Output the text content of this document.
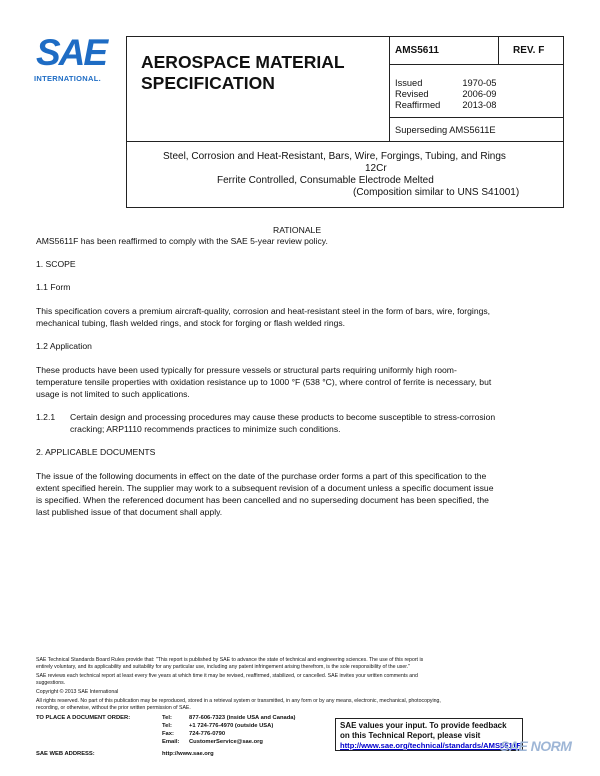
SAE
INTERNATIONAL.
AEROSPACE MATERIAL
SPECIFICATION
AMS5611	REV. F
Issued	1970-05
Revised	2006-09
Reaffirmed	2013-08
Superseding AMS5611E
Steel, Corrosion and Heat-Resistant, Bars, Wire, Forgings, Tubing, and Rings
12Cr
Ferrite Controlled, Consumable Electrode Melted
(Composition similar to UNS S41001)
RATIONALE
AMS5611F has been reaffirmed to comply with the SAE 5-year review policy.
1. SCOPE
1.1 Form
This specification covers a premium aircraft-quality, corrosion and heat-resistant steel in the form of bars, wire, forgings,
mechanical tubing, flash welded rings, and stock for forging or flash welded rings.
1.2 Application
These products have been used typically for pressure vessels or structural parts requiring uniformly high room-
temperature tensile properties with oxidation resistance up to 1000 °F (538 °C), where control of ferrite is necessary, but
usage is not limited to such applications.
1.2.1 Certain design and processing procedures may cause these products to become susceptible to stress-corrosion
cracking; ARP1110 recommends practices to minimize such conditions.
2. APPLICABLE DOCUMENTS
The issue of the following documents in effect on the date of the purchase order forms a part of this specification to the
extent specified herein. The supplier may work to a subsequent revision of a document unless a specific document issue
is specified. When the referenced document has been cancelled and no superseding document has been specified, the
last published issue of that document shall apply.
SAE Technical Standards Board Rules provide that: "This report is published by SAE to advance the state of technical and engineering sciences. The use of this report is
entirely voluntary, and its applicability and suitability for any particular use, including any patent infringement arising therefrom, is the sole responsibility of the user."
SAE reviews each technical report at least every five years at which time it may be revised, reaffirmed, stabilized, or cancelled. SAE invites your written comments and
suggestions.
Copyright © 2013 SAE International
All rights reserved. No part of this publication may be reproduced, stored in a retrieval system or transmitted, in any form or by any means, electronic, mechanical, photocopying,
recording, or otherwise, without the prior written permission of SAE.
TO PLACE A DOCUMENT ORDER:	Tel:	877-606-7323 (inside USA and Canada)
Tel:	+1 724-776-4970 (outside USA)
Fax:	724-776-0790
Email: CustomerService@sae.org
SAE WEB ADDRESS:	http://www.sae.org
SAE values your input. To provide feedback
on this Technical Report, please visit
http://www.sae.org/technical/standards/AMS5611F
SAE NORM
